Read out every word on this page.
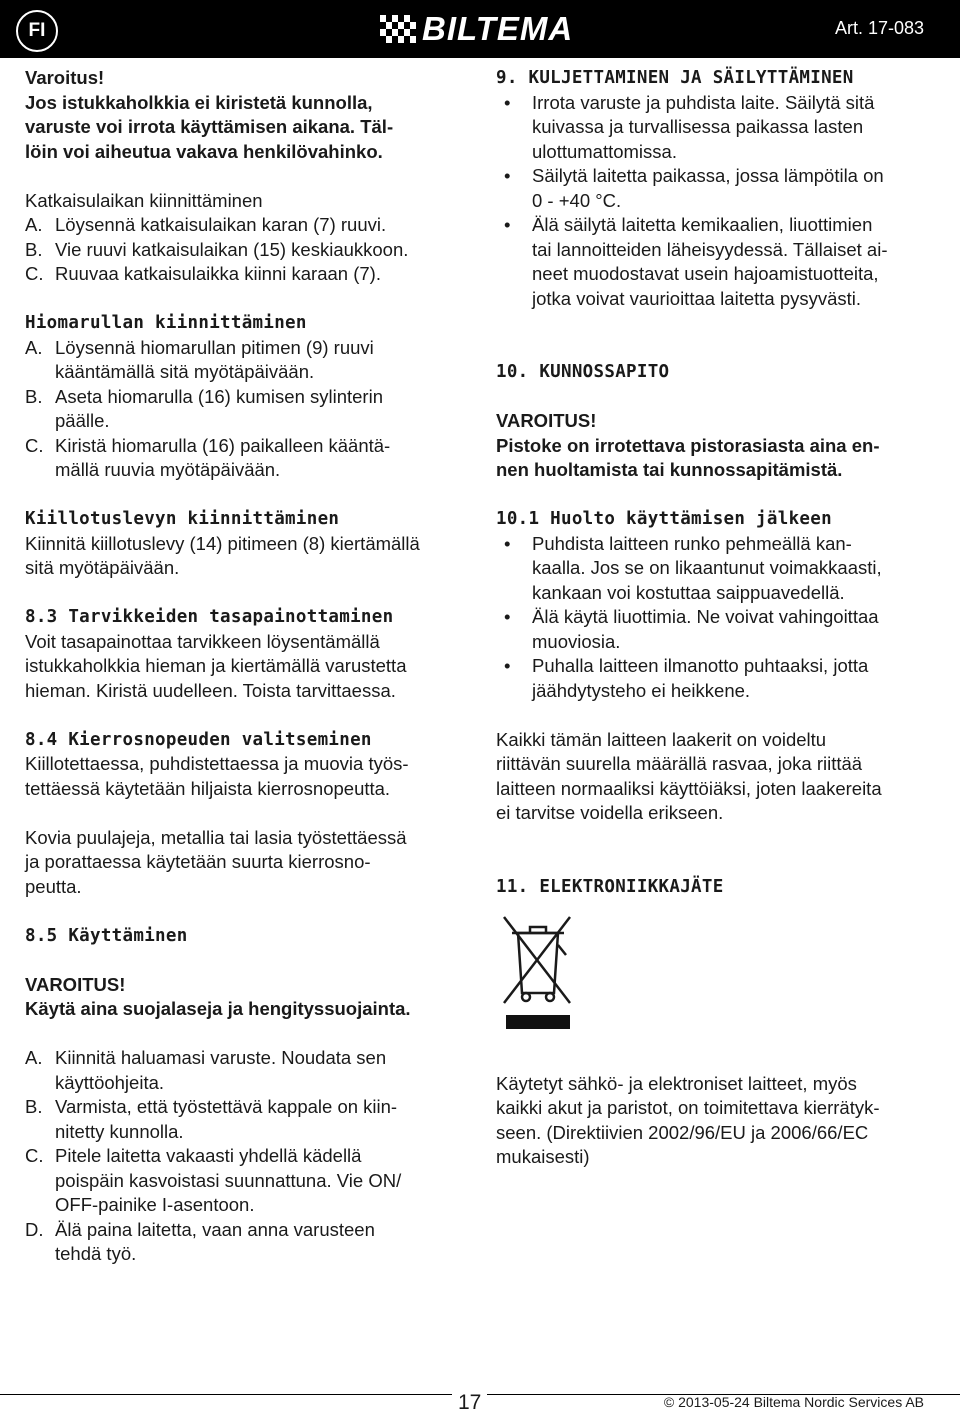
FI	BILTEMA	Art. 17-083

Varoitus!

Jos istukkaholkkia ei kiristetä kunnolla,

varuste voi irrota käyttämisen aikana. Täl-

löin voi aiheutua vakava henkilövahinko.

Katkaisulaikan kiinnittäminen

A. Löysennä katkaisulaikan karan (7) ruuvi.

B. Vie ruuvi katkaisulaikan (15) keskiaukkoon.

C. Ruuvaa katkaisulaikka kiinni karaan (7).

Hiomarullan kiinnittäminen

A. Löysennä hiomarullan pitimen (9) ruuvi

kääntämällä sitä myötäpäivään.

B. Aseta hiomarulla (16) kumisen sylinterin

päälle.

C. Kiristä hiomarulla (16) paikalleen kääntä-

mällä ruuvia myötäpäivään.

Kiillotuslevyn kiinnittäminen

Kiinnitä kiillotuslevy (14) pitimeen (8) kiertämällä

sitä myötäpäivään.

8.3 Tarvikkeiden tasapainottaminen

Voit tasapainottaa tarvikkeen löysentämällä

istukkaholkkia hieman ja kiertämällä varustetta

hieman. Kiristä uudelleen. Toista tarvittaessa.

8.4 Kierrosnopeuden valitseminen

Kiillotettaessa, puhdistettaessa ja muovia työs-

tettäessä käytetään hiljaista kierrosnopeutta.

Kovia puulajeja, metallia tai lasia työstettäessä

ja porattaessa käytetään suurta kierrosno-

peutta.

8.5 Käyttäminen

VAROITUS!

Käytä aina suojalaseja ja hengityssuojainta.

A. Kiinnitä haluamasi varuste. Noudata sen

käyttöohjeita.

B. Varmista, että työstettävä kappale on kiin-

nitetty kunnolla.

C. Pitele laitetta vakaasti yhdellä kädellä

poispäin kasvoistasi suunnattuna. Vie ON/

OFF-painike I-asentoon.

D. Älä paina laitetta, vaan anna varusteen

tehdä työ.

9. KULJETTAMINEN JA SÄILYTTÄMINEN

•	Irrota varuste ja puhdista laite. Säilytä sitä

kuivassa ja turvallisessa paikassa lasten

ulottumattomissa.

•	Säilytä laitetta paikassa, jossa lämpötila on

0 - +40 °C.

•	Älä säilytä laitetta kemikaalien, liuottimien

tai lannoitteiden läheisyydessä. Tällaiset ai-

neet muodostavat usein hajoamistuotteita,

jotka voivat vaurioittaa laitetta pysyvästi.

10. KUNNOSSAPITO

VAROITUS!

Pistoke on irrotettava pistorasiasta aina en-

nen huoltamista tai kunnossapitämistä.

10.1 Huolto käyttämisen jälkeen

•	Puhdista laitteen runko pehmeällä kan-

kaalla. Jos se on likaantunut voimakkaasti,

kankaan voi kostuttaa saippuavedellä.

•	Älä käytä liuottimia. Ne voivat vahingoittaa

muoviosia.

•	Puhalla laitteen ilmanotto puhtaaksi, jotta

jäähdytysteho ei heikkene.

Kaikki tämän laitteen laakerit on voideltu

riittävän suurella määrällä rasvaa, joka riittää

laitteen normaaliksi käyttöiäksi, joten laakereita

ei tarvitse voidella erikseen.

11. ELEKTRONIIKKAJÄTE

Käytetyt sähkö- ja elektroniset laitteet, myös

kaikki akut ja paristot, on toimitettava kierrätyk-

seen. (Direktiivien 2002/96/EU ja 2006/66/EC

mukaisesti)

17	© 2013-05-24 Biltema Nordic Services AB
